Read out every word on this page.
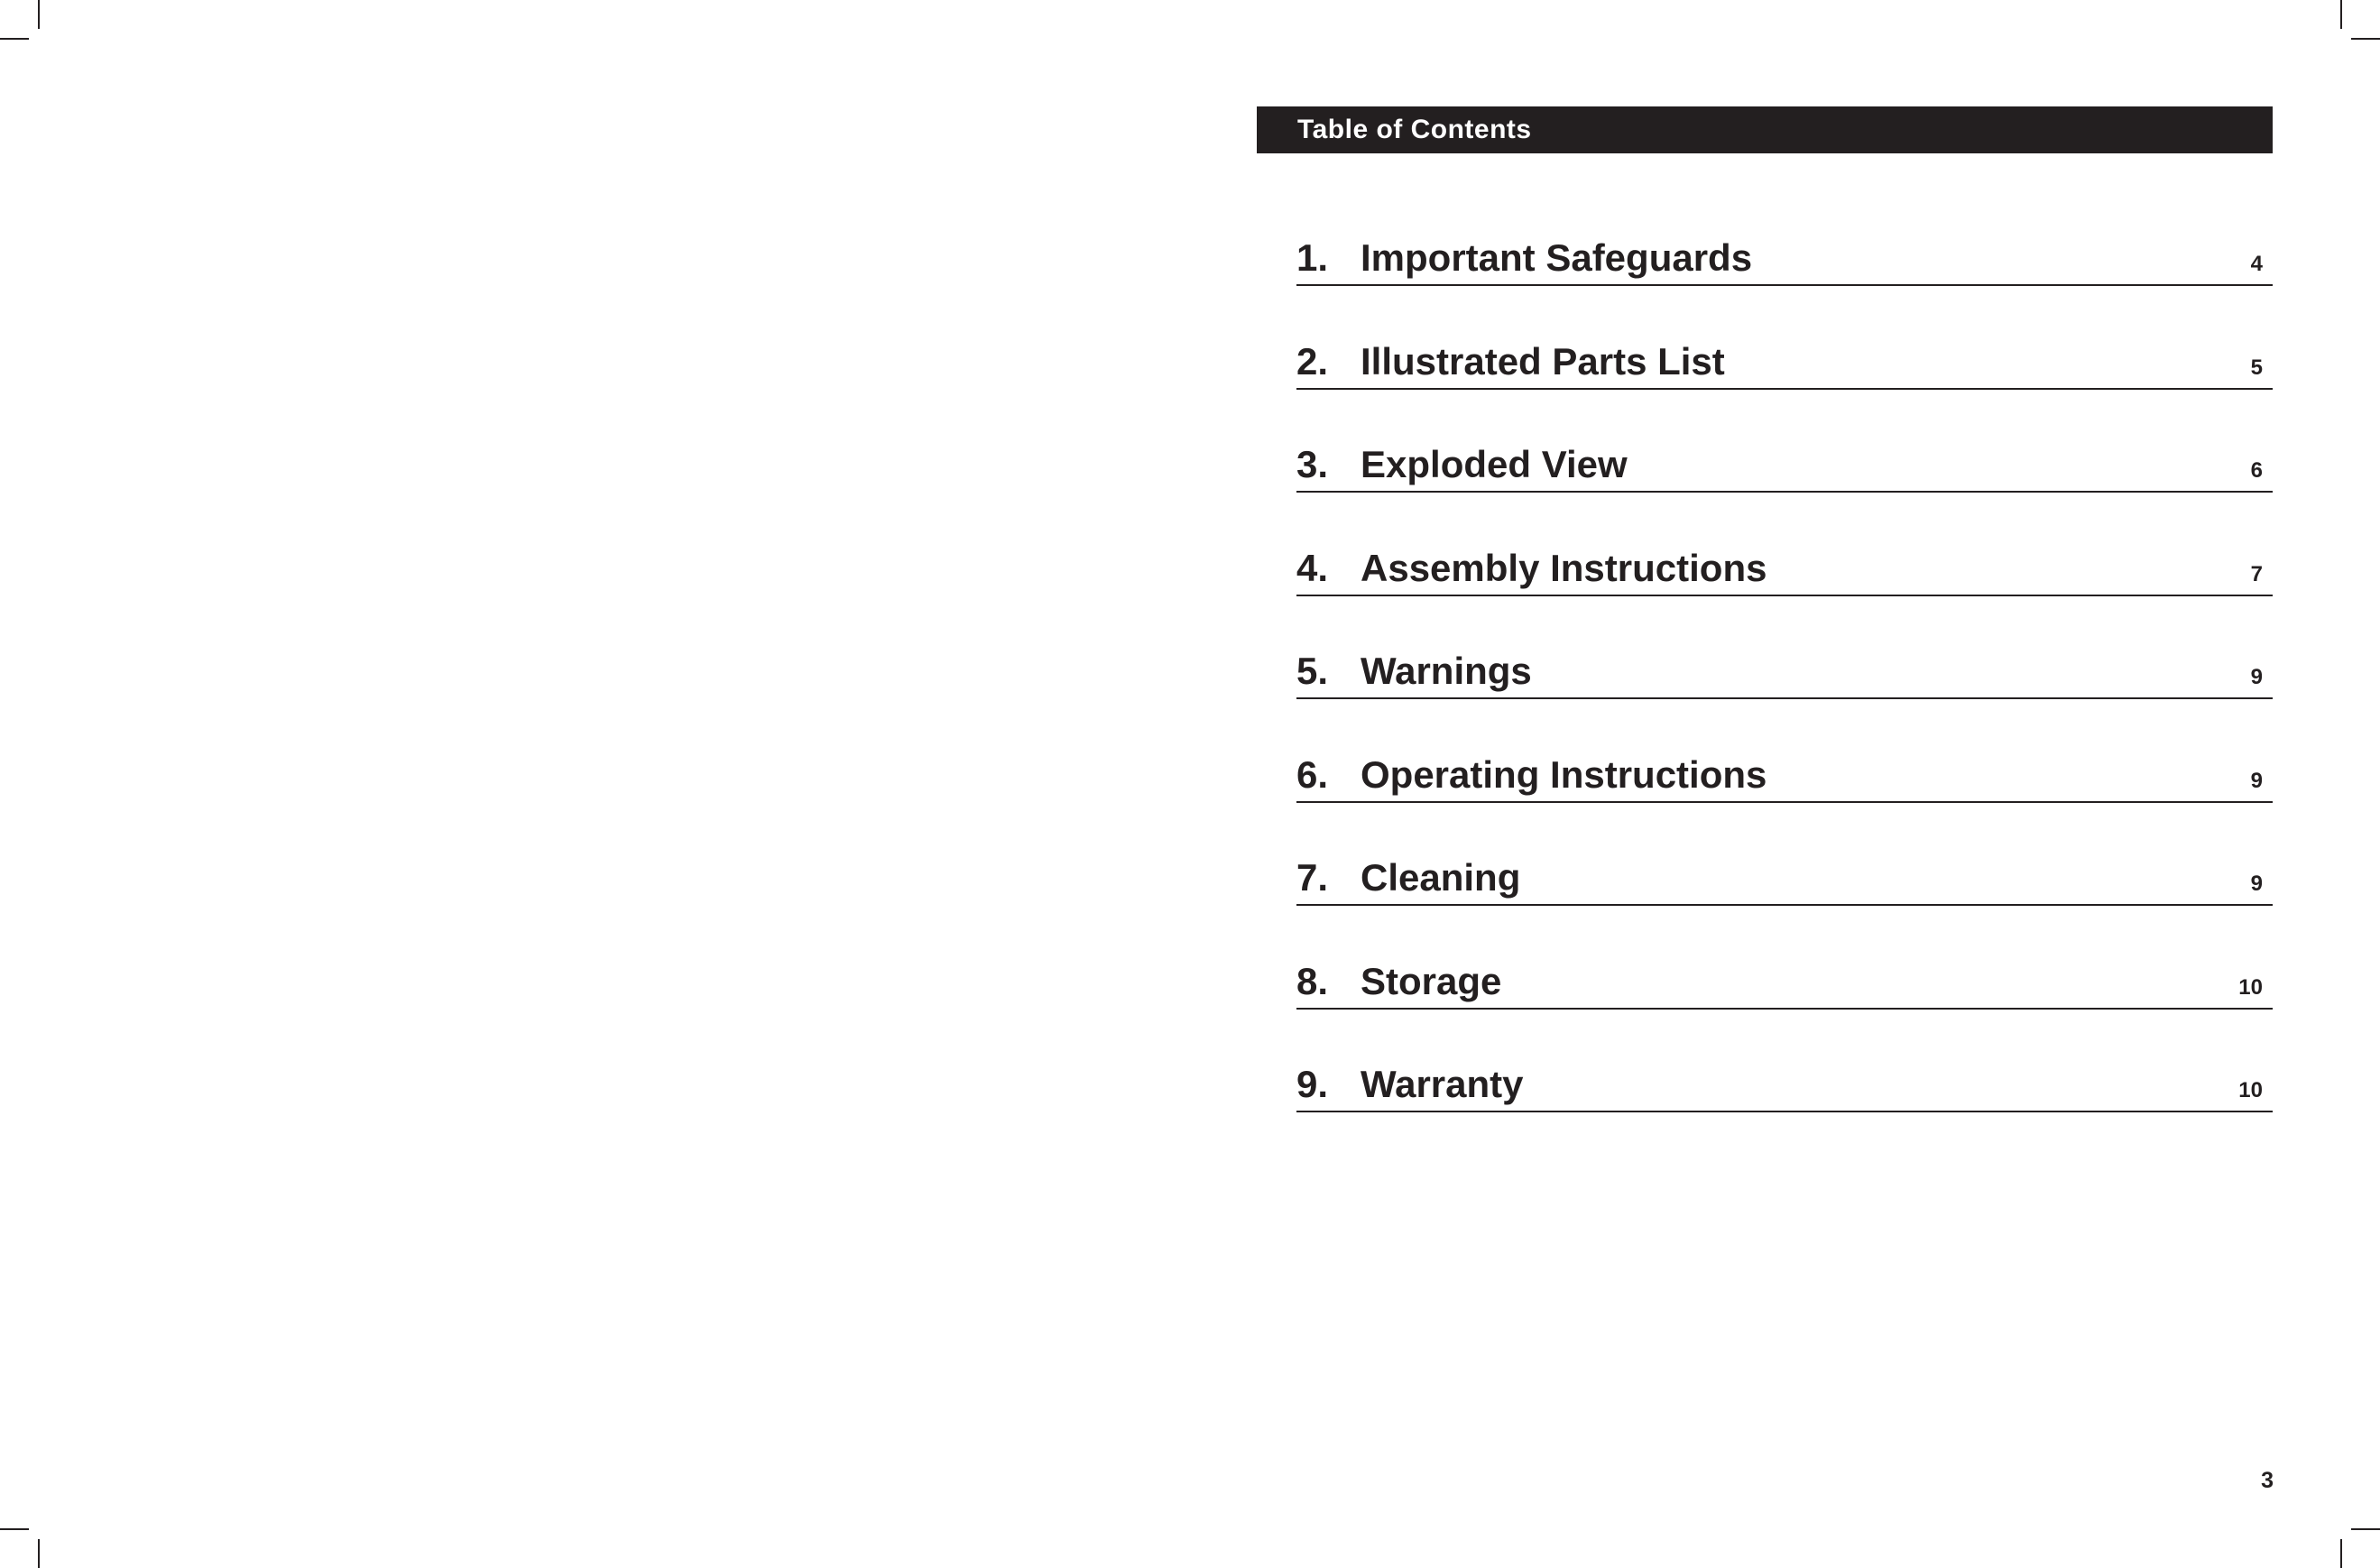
Table of Contents
1. Important Safeguards	4
2. Illustrated Parts List	5
3. Exploded View	6
4. Assembly Instructions	7
5. Warnings	9
6. Operating Instructions	9
7. Cleaning	9
8. Storage	10
9. Warranty	10
3
